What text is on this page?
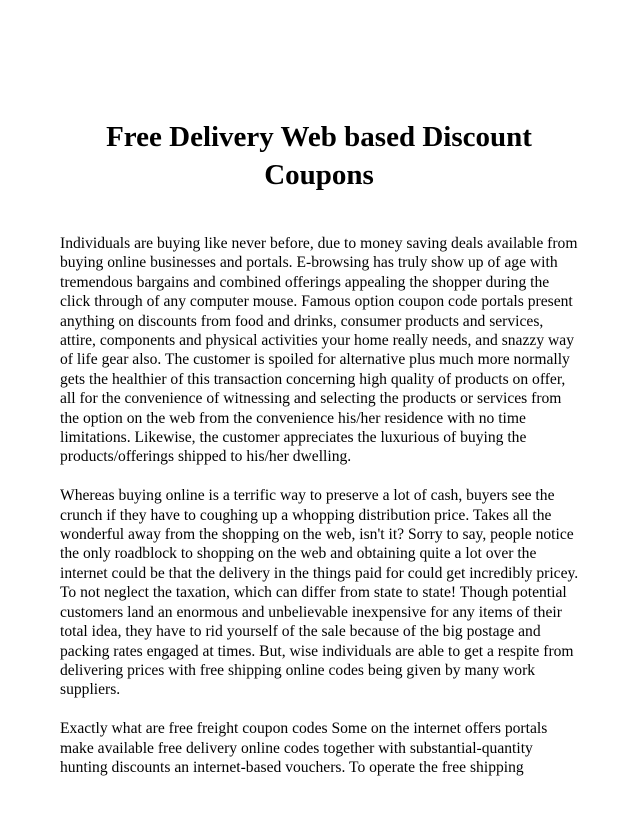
Free Delivery Web based Discount
Coupons

Individuals are buying like never before, due to money saving deals available from
buying online businesses and portals. E-browsing has truly show up of age with
tremendous bargains and combined offerings appealing the shopper during the
click through of any computer mouse. Famous option coupon code portals present
anything on discounts from food and drinks, consumer products and services,
attire, components and physical activities your home really needs, and snazzy way
of life gear also. The customer is spoiled for alternative plus much more normally
gets the healthier of this transaction concerning high quality of products on offer,
all for the convenience of witnessing and selecting the products or services from
the option on the web from the convenience his/her residence with no time
limitations. Likewise, the customer appreciates the luxurious of buying the
products/offerings shipped to his/her dwelling.

Whereas buying online is a terrific way to preserve a lot of cash, buyers see the
crunch if they have to coughing up a whopping distribution price. Takes all the
wonderful away from the shopping on the web, isn't it? Sorry to say, people notice
the only roadblock to shopping on the web and obtaining quite a lot over the
internet could be that the delivery in the things paid for could get incredibly pricey.
To not neglect the taxation, which can differ from state to state! Though potential
customers land an enormous and unbelievable inexpensive for any items of their
total idea, they have to rid yourself of the sale because of the big postage and
packing rates engaged at times. But, wise individuals are able to get a respite from
delivering prices with free shipping online codes being given by many work
suppliers.

Exactly what are free freight coupon codes Some on the internet offers portals
make available free delivery online codes together with substantial-quantity
hunting discounts an internet-based vouchers. To operate the free shipping
